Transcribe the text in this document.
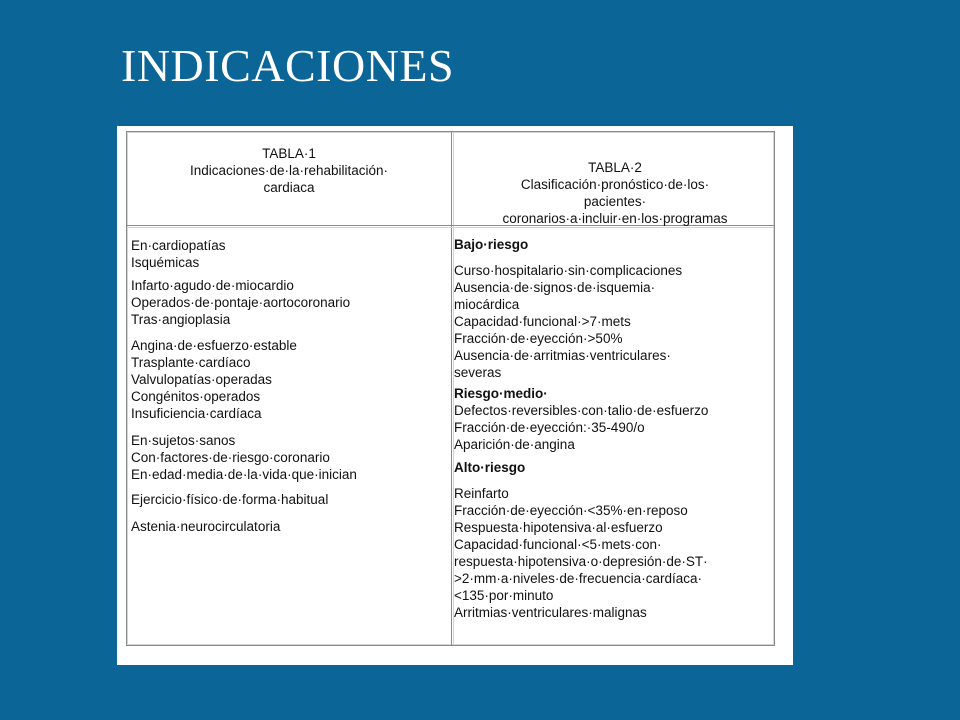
INDICACIONES
TABLA·1
Indicaciones·de·la·rehabilitación·
cardiaca
TABLA·2
Clasificación·pronóstico·de·los·
pacientes·
coronarios·a·incluir·en·los·programas
En·cardiopatías
Isquémicas
Infarto·agudo·de·miocardio
Operados·de·pontaje·aortocoronario
Tras·angioplasia
Angina·de·esfuerzo·estable
Trasplante·cardíaco
Valvulopatías·operadas
Congénitos·operados
Insuficiencia·cardíaca
En·sujetos·sanos
Con·factores·de·riesgo·coronario
En·edad·media·de·la·vida·que·inician
Ejercicio·físico·de·forma·habitual
Astenia·neurocirculatoria
Bajo·riesgo
Curso·hospitalario·sin·complicaciones
Ausencia·de·signos·de·isquemia·
miocárdica
Capacidad·funcional·>7·mets
Fracción·de·eyección·>50%
Ausencia·de·arritmias·ventriculares·
severas
Riesgo·medio·
Defectos·reversibles·con·talio·de·esfuerzo
Fracción·de·eyección:·35-490/o
Aparición·de·angina
Alto·riesgo
Reinfarto
Fracción·de·eyección·<35%·en·reposo
Respuesta·hipotensiva·al·esfuerzo
Capacidad·funcional·<5·mets·con·
respuesta·hipotensiva·o·depresión·de·ST·
>2·mm·a·niveles·de·frecuencia·cardíaca·
<135·por·minuto
Arritmias·ventriculares·malignas
